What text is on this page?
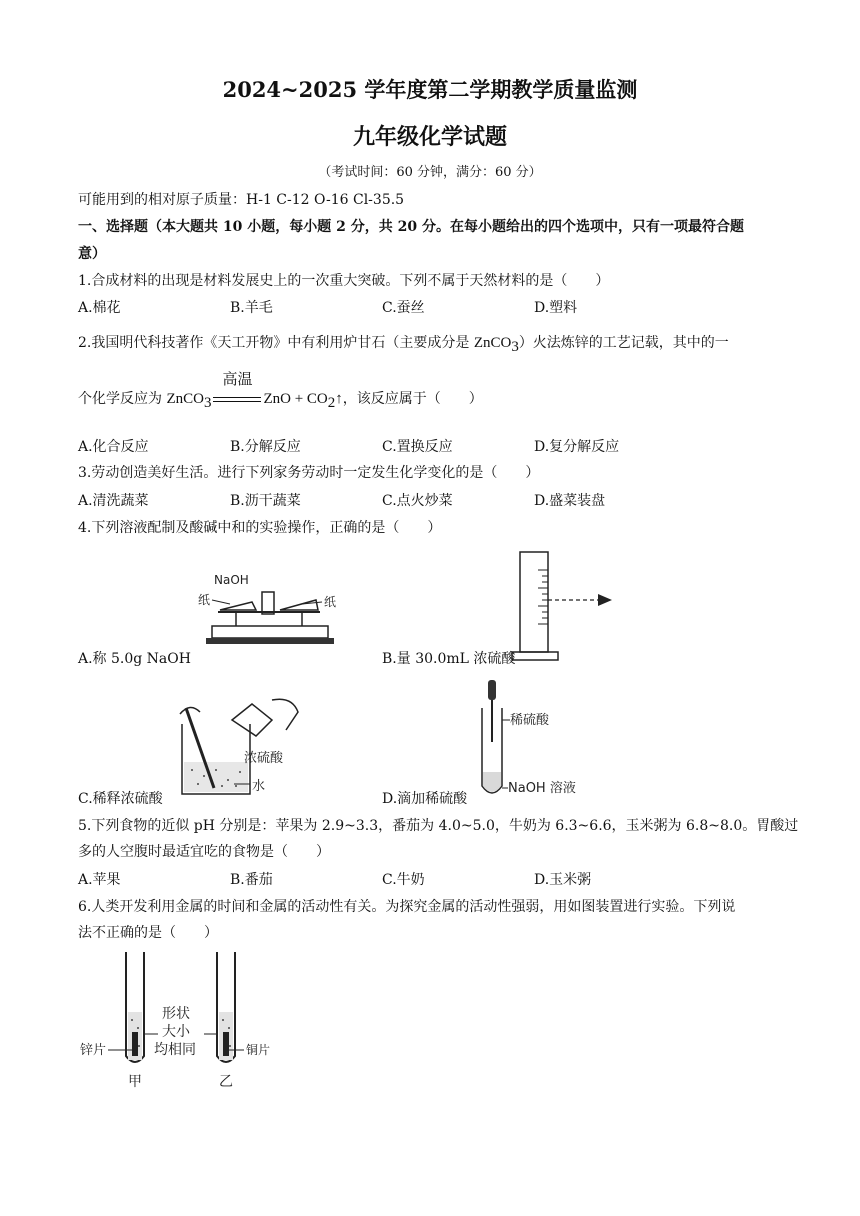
2024~2025 学年度第二学期教学质量监测
九年级化学试题
（考试时间：60 分钟，满分：60 分）
可能用到的相对原子质量：H-1 C-12 O-16 Cl-35.5
一、选择题（本大题共 10 小题，每小题 2 分，共 20 分。在每小题给出的四个选项中，只有一项最符合题
意）
1.合成材料的出现是材料发展史上的一次重大突破。下列不属于天然材料的是（　　）
A.棉花	B.羊毛	C.蚕丝	D.塑料
2.我国明代科技著作《天工开物》中有利用炉甘石（主要成分是 ZnCO$_3$）火法炼锌的工艺记载，其中的一
个化学反应为 ZnCO$_3$
高温
ZnO + $CO_2↑$，该反应属于（　　）
A.化合反应	B.分解反应	C.置换反应	D.复分解反应
3.劳动创造美好生活。进行下列家务劳动时一定发生化学变化的是（　　）
A.清洗蔬菜	B.沥干蔬菜	C.点火炒菜	D.盛菜装盘
4.下列溶液配制及酸碱中和的实验操作，正确的是（　　）
NaOH
纸	纸
A.称 5.0g NaOH	B.量 30.0mL 浓硫酸
浓硫酸
水
C.稀释浓硫酸
稀硫酸
NaOH 溶液
D.滴加稀硫酸
5.下列食物的近似 pH 分别是：苹果为 2.9~3.3，番茄为 4.0~5.0，牛奶为 6.3~6.6，玉米粥为 6.8~8.0。胃酸过
多的人空腹时最适宜吃的食物是（　　）
A.苹果	B.番茄	C.牛奶	D.玉米粥
6.人类开发利用金属的时间和金属的活动性有关。为探究金属的活动性强弱，用如图装置进行实验。下列说
法不正确的是（　　）
锌片	铜片
形状
大小
均相同
甲	乙
